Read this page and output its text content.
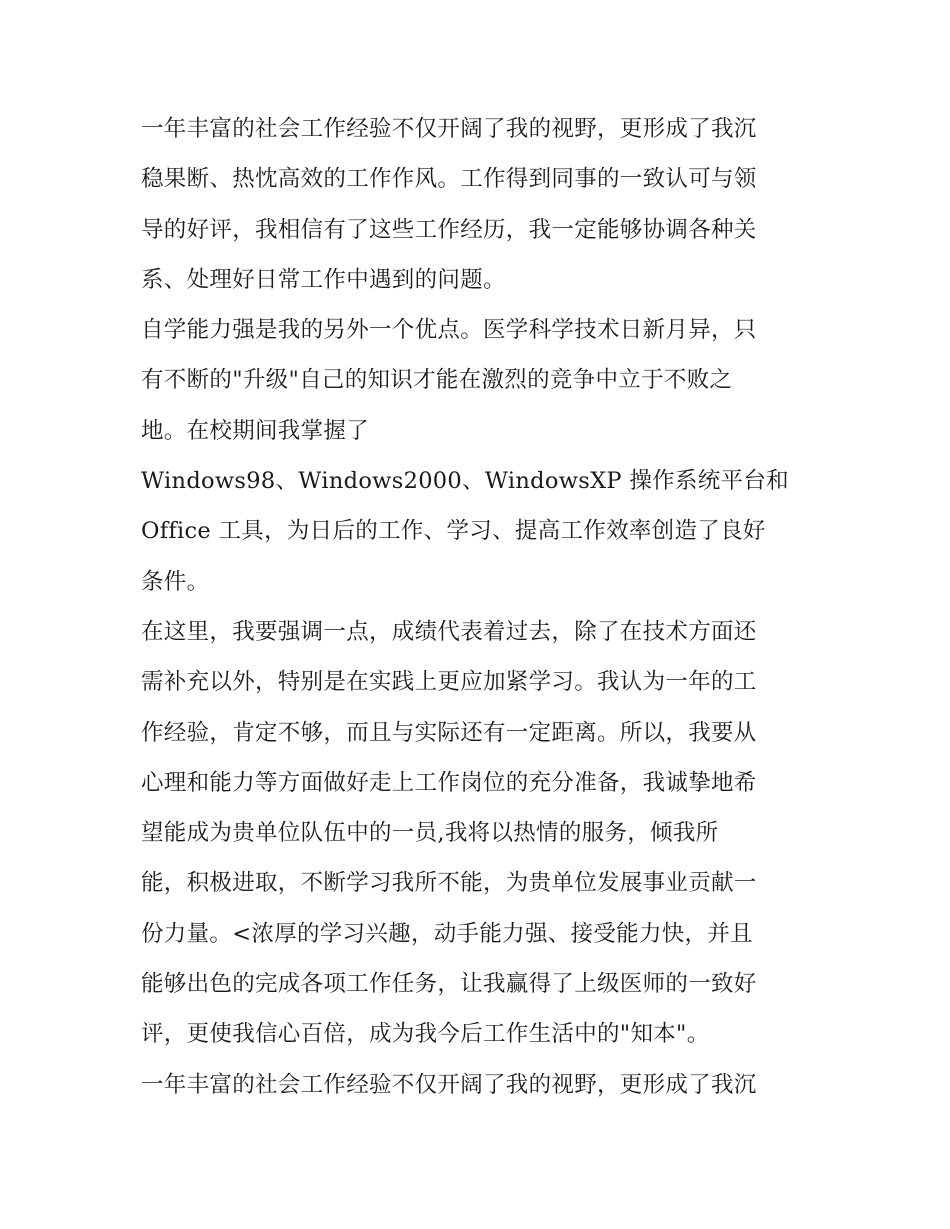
一年丰富的社会工作经验不仅开阔了我的视野，更形成了我沉
稳果断、热忱高效的工作作风。工作得到同事的一致认可与领
导的好评，我相信有了这些工作经历，我一定能够协调各种关
系、处理好日常工作中遇到的问题。

自学能力强是我的另外一个优点。医学科学技术日新月异，只
有不断的"升级"自己的知识才能在激烈的竞争中立于不败之
地。在校期间我掌握了
Windows98、Windows2000、WindowsXP 操作系统平台和
Office 工具，为日后的工作、学习、提高工作效率创造了良好
条件。

在这里，我要强调一点，成绩代表着过去，除了在技术方面还
需补充以外，特别是在实践上更应加紧学习。我认为一年的工
作经验，肯定不够，而且与实际还有一定距离。所以，我要从
心理和能力等方面做好走上工作岗位的充分准备，我诚挚地希
望能成为贵单位队伍中的一员,我将以热情的服务，倾我所
能，积极进取，不断学习我所不能，为贵单位发展事业贡献一
份力量。<浓厚的学习兴趣，动手能力强、接受能力快，并且
能够出色的完成各项工作任务，让我赢得了上级医师的一致好
评，更使我信心百倍，成为我今后工作生活中的"知本"。

一年丰富的社会工作经验不仅开阔了我的视野，更形成了我沉
